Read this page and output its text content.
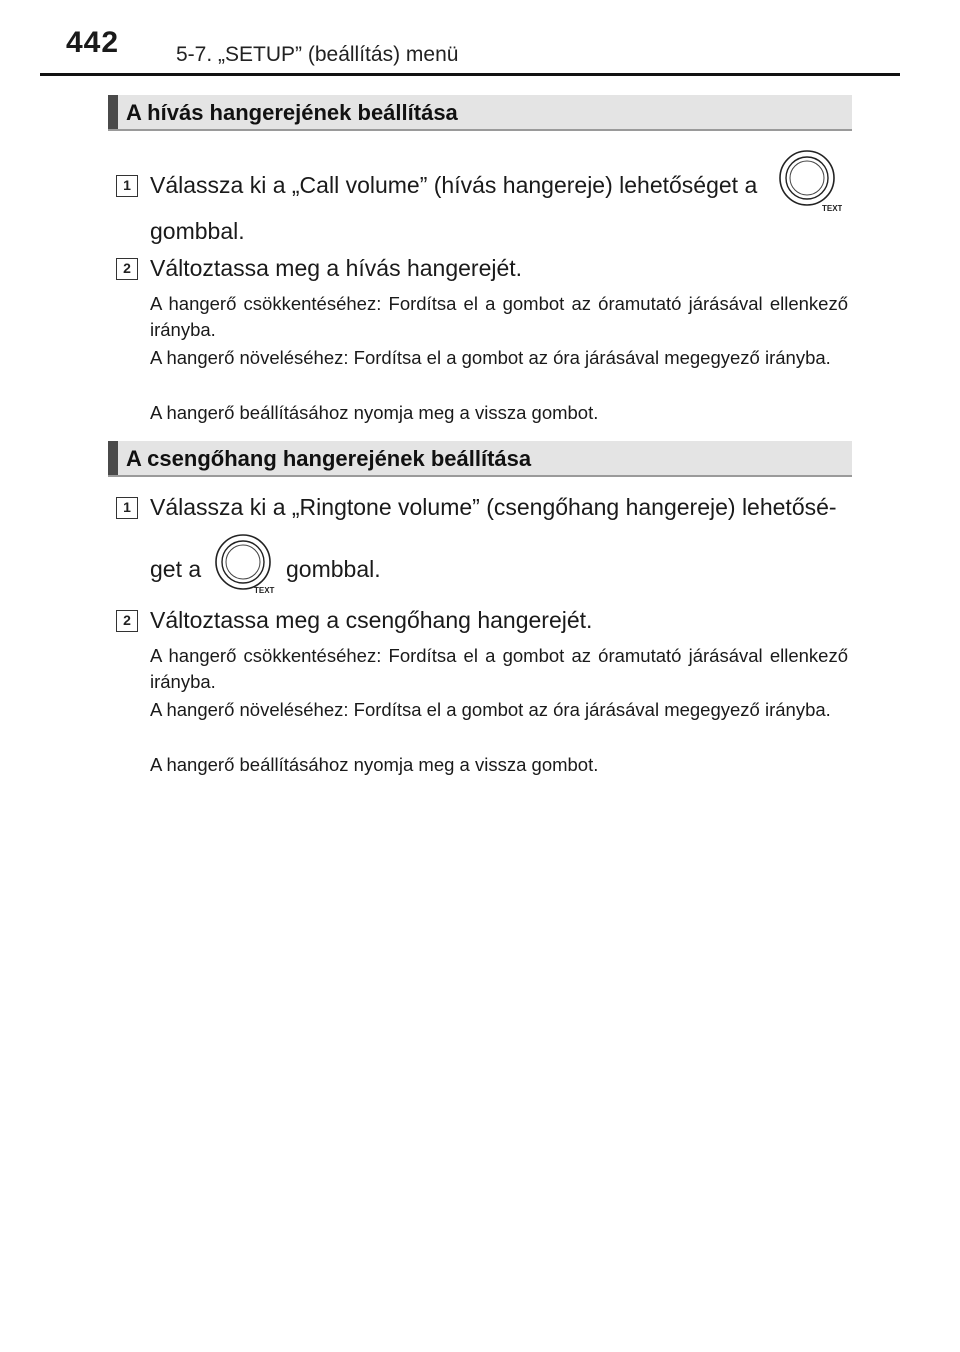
442	5-7. „SETUP” (beállítás) menü
A hívás hangerejének beállítása
1 Válassza ki a „Call volume” (hívás hangereje) lehetőséget a
TEXT
gombbal.
2 Változtassa meg a hívás hangerejét.
A hangerő csökkentéséhez: Fordítsa el a gombot az óramutató járásával ellenkező irányba.
A hangerő növeléséhez: Fordítsa el a gombot az óra járásával megegyező irányba.
A hangerő beállításához nyomja meg a vissza gombot.
A csengőhang hangerejének beállítása
1 Válassza ki a „Ringtone volume” (csengőhang hangereje) lehetősé-
get a
TEXT
gombbal.
2 Változtassa meg a csengőhang hangerejét.
A hangerő csökkentéséhez: Fordítsa el a gombot az óramutató járásával ellenkező irányba.
A hangerő növeléséhez: Fordítsa el a gombot az óra járásával megegyező irányba.
A hangerő beállításához nyomja meg a vissza gombot.
